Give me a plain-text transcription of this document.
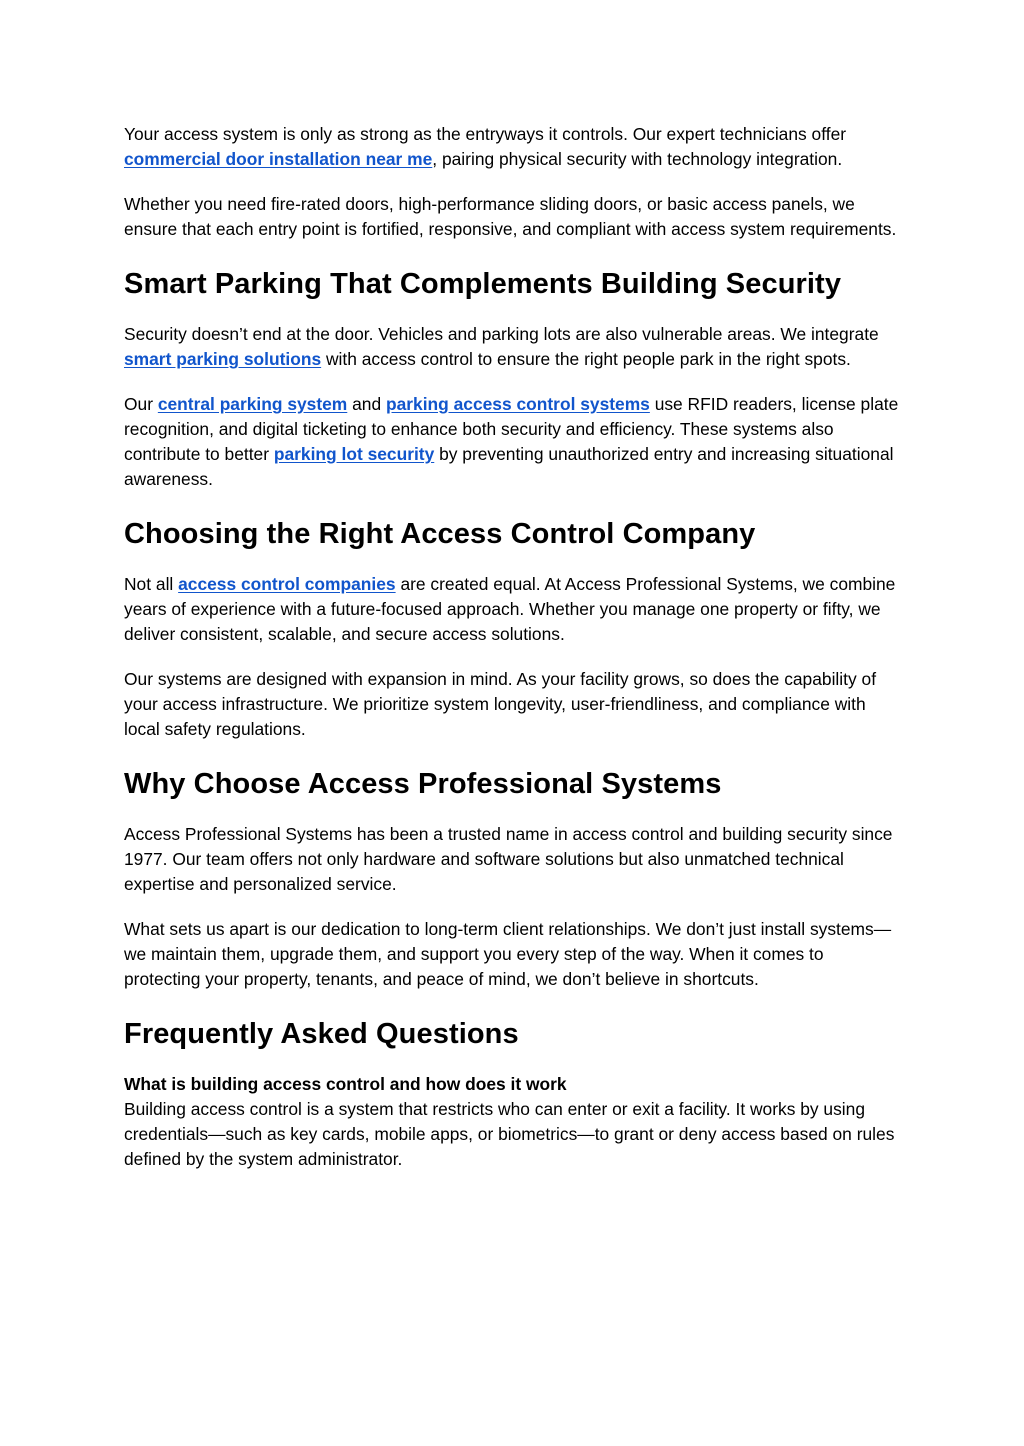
Your access system is only as strong as the entryways it controls. Our expert technicians offer commercial door installation near me, pairing physical security with technology integration.

Whether you need fire-rated doors, high-performance sliding doors, or basic access panels, we ensure that each entry point is fortified, responsive, and compliant with access system requirements.

Smart Parking That Complements Building Security

Security doesn’t end at the door. Vehicles and parking lots are also vulnerable areas. We integrate smart parking solutions with access control to ensure the right people park in the right spots.

Our central parking system and parking access control systems use RFID readers, license plate recognition, and digital ticketing to enhance both security and efficiency. These systems also contribute to better parking lot security by preventing unauthorized entry and increasing situational awareness.

Choosing the Right Access Control Company

Not all access control companies are created equal. At Access Professional Systems, we combine years of experience with a future-focused approach. Whether you manage one property or fifty, we deliver consistent, scalable, and secure access solutions.

Our systems are designed with expansion in mind. As your facility grows, so does the capability of your access infrastructure. We prioritize system longevity, user-friendliness, and compliance with local safety regulations.

Why Choose Access Professional Systems

Access Professional Systems has been a trusted name in access control and building security since 1977. Our team offers not only hardware and software solutions but also unmatched technical expertise and personalized service.

What sets us apart is our dedication to long-term client relationships. We don’t just install systems—we maintain them, upgrade them, and support you every step of the way. When it comes to protecting your property, tenants, and peace of mind, we don’t believe in shortcuts.

Frequently Asked Questions

What is building access control and how does it work
Building access control is a system that restricts who can enter or exit a facility. It works by using credentials—such as key cards, mobile apps, or biometrics—to grant or deny access based on rules defined by the system administrator.
